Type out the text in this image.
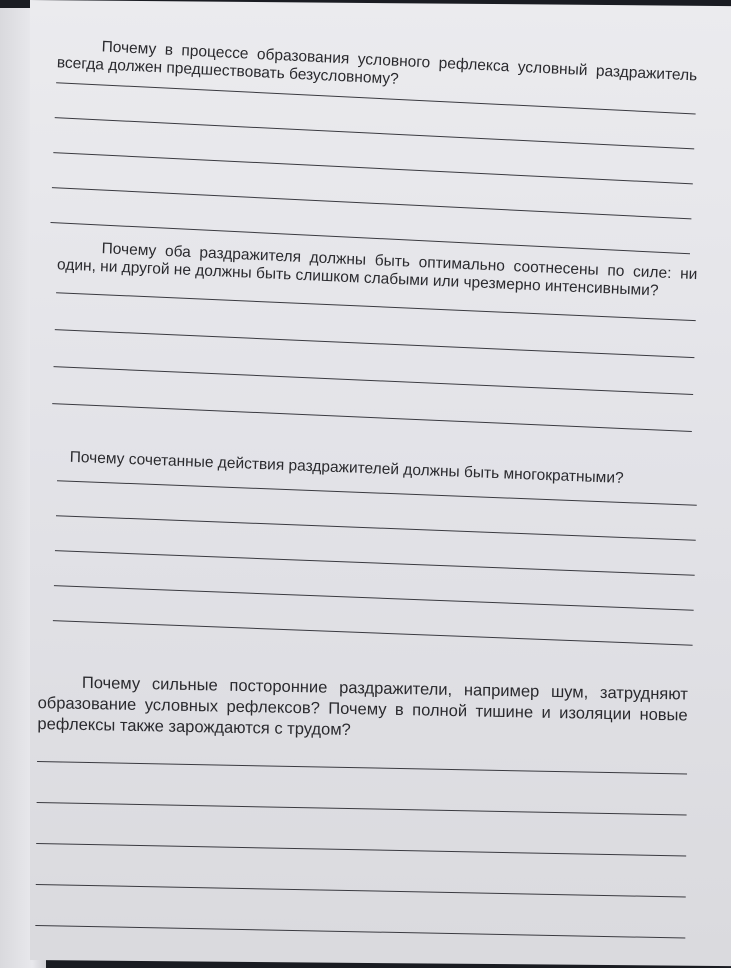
Почему в процессе образования условного рефлекса условный раздражитель всегда должен предшествовать безусловному?

Почему оба раздражителя должны быть оптимально соотнесены по силе: ни один, ни другой не должны быть слишком слабыми или чрезмерно интенсивными?

Почему сочетанные действия раздражителей должны быть многократными?

Почему сильные посторонние раздражители, например шум, затрудняют образование условных рефлексов? Почему в полной тишине и изоляции новые рефлексы также зарождаются с трудом?
